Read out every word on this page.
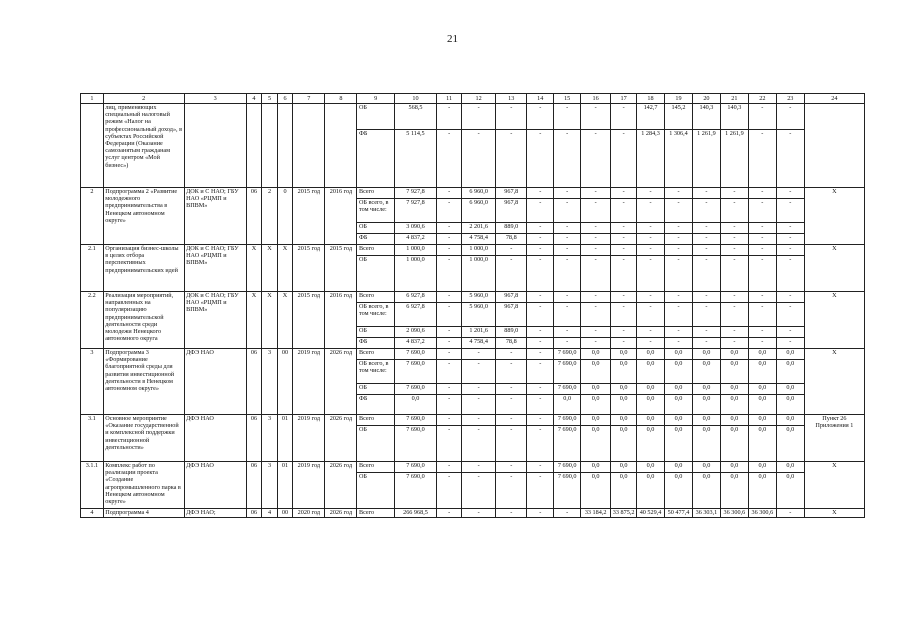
21
1	2	3	4	5	6	7	8	9	10	11	12	13	14	15	16	17	18	19	20	21	22	23	24
	лиц, применяющих специальный налоговый режим «Налог на профессиональный доход», в субъектах Российской Федерации (Оказание самозанятым гражданам услуг центром «Мой бизнес»)							ОБ	568,5	-	-	-	-	-	-	-	142,7	145,2	140,3	140,3	-	-	
								ФБ	5 114,5	-	-	-	-	-	-	-	1 284,3	1 306,4	1 261,9	1 261,9	-	-	
2	Подпрограмма 2 «Развитие молодежного предпринимательства в Ненецком автономном округе»	ДОК и С НАО; ГБУ НАО «РЦМП и ВПВМ»	06	2	0	2015 год	2016 год	Всего	7 927,8	-	6 960,0	967,8	-	-	-	-	-	-	-	-	-	-	Х
								ОБ всего, в том числе:	7 927,8	-	6 960,0	967,8	-	-	-	-	-	-	-	-	-	-	
								ОБ	3 090,6	-	2 201,6	889,0	-	-	-	-	-	-	-	-	-	-	
								ФБ	4 837,2	-	4 758,4	78,8	-	-	-	-	-	-	-	-	-	-	
2.1	Организация бизнес-школы в целях отбора перспективных предпринимательских идей	ДОК и С НАО; ГБУ НАО «РЦМП и ВПВМ»	Х	Х	Х	2015 год	2015 год	Всего	1 000,0	-	1 000,0	-	-	-	-	-	-	-	-	-	-	-	Х
								ОБ	1 000,0	-	1 000,0	-	-	-	-	-	-	-	-	-	-	-	
2.2	Реализация мероприятий, направленных на популяризацию предпринимательской деятельности среди молодежи Ненецкого автономного округа	ДОК и С НАО; ГБУ НАО «РЦМП и ВПВМ»	Х	Х	Х	2015 год	2016 год	Всего	6 927,8	-	5 960,0	967,8	-	-	-	-	-	-	-	-	-	-	Х
								ОБ всего, в том числе:	6 927,8	-	5 960,0	967,8	-	-	-	-	-	-	-	-	-	-	
								ОБ	2 090,6	-	1 201,6	889,0	-	-	-	-	-	-	-	-	-	-	
								ФБ	4 837,2	-	4 758,4	78,8	-	-	-	-	-	-	-	-	-	-	
3	Подпрограмма 3 «Формирование благоприятной среды для развития инвестиционной деятельности в Ненецком автономном округе»	ДФЭ НАО	06	3	00	2019 год	2026 год	Всего	7 690,0	-	-	-	-	7 690,0	0,0	0,0	0,0	0,0	0,0	0,0	0,0	0,0	Х
								ОБ всего, в том числе:	7 690,0	-	-	-	-	7 690,0	0,0	0,0	0,0	0,0	0,0	0,0	0,0	0,0	
								ОБ	7 690,0	-	-	-	-	7 690,0	0,0	0,0	0,0	0,0	0,0	0,0	0,0	0,0	
								ФБ	0,0	-	-	-	-	0,0	0,0	0,0	0,0	0,0	0,0	0,0	0,0	0,0	
3.1	Основное мероприятие «Оказание государственной и комплексной поддержки инвестиционной деятельности»	ДФЭ НАО	06	3	01	2019 год	2026 год	Всего	7 690,0	-	-	-	-	7 690,0	0,0	0,0	0,0	0,0	0,0	0,0	0,0	0,0	Пункт 26 Приложения 1
								ОБ	7 690,0	-	-	-	-	7 690,0	0,0	0,0	0,0	0,0	0,0	0,0	0,0	0,0	
3.1.1	Комплекс работ по реализации проекта «Создание агропромышленного парка в Ненецком автономном округе»	ДФЭ НАО	06	3	01	2019 год	2026 год	Всего	7 690,0	-	-	-	-	7 690,0	0,0	0,0	0,0	0,0	0,0	0,0	0,0	0,0	Х
								ОБ	7 690,0	-	-	-	-	7 690,0	0,0	0,0	0,0	0,0	0,0	0,0	0,0	0,0	
4	Подпрограмма 4	ДФЭ НАО;	06	4	00	2020 год	2026 год	Всего	266 968,5	-	-	-	-	-	33 184,2	33 875,2	40 529,4	50 477,4	36 303,1	36 300,6	36 300,6	-	Х
